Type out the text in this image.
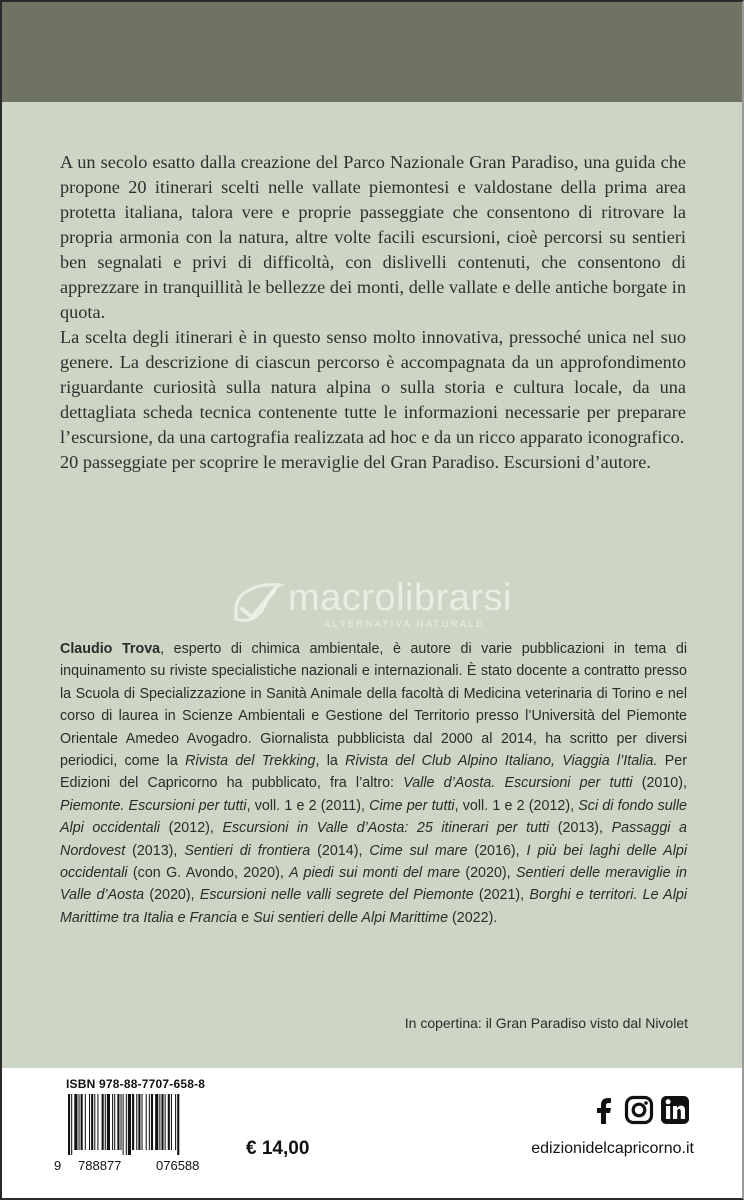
A un secolo esatto dalla creazione del Parco Nazionale Gran Paradiso, una guida che propone 20 itinerari scelti nelle vallate piemontesi e valdostane della prima area protetta italiana, talora vere e proprie passeggiate che consentono di ritrovare la propria armonia con la natura, altre volte facili escursioni, cioè percorsi su sentieri ben segnalati e privi di difficoltà, con dislivelli contenuti, che consentono di apprezzare in tranquillità le bellezze dei monti, delle vallate e delle antiche borgate in quota.

La scelta degli itinerari è in questo senso molto innovativa, pressoché unica nel suo genere. La descrizione di ciascun percorso è accompagnata da un approfondimento riguardante curiosità sulla natura alpina o sulla storia e cultura locale, da una dettagliata scheda tecnica contenente tutte le informazioni necessarie per preparare l’escursione, da una cartografia realizzata ad hoc e da un ricco apparato iconografico.

20 passeggiate per scoprire le meraviglie del Gran Paradiso. Escursioni d’autore.

macrolibrarsi
ALTERNATIVA NATURALE

Claudio Trova, esperto di chimica ambientale, è autore di varie pubblicazioni in tema di inquinamento su riviste specialistiche nazionali e internazionali. È stato docente a contratto presso la Scuola di Specializzazione in Sanità Animale della facoltà di Medicina veterinaria di Torino e nel corso di laurea in Scienze Ambientali e Gestione del Territorio presso l’Università del Piemonte Orientale Amedeo Avogadro. Giornalista pubblicista dal 2000 al 2014, ha scritto per diversi periodici, come la Rivista del Trekking, la Rivista del Club Alpino Italiano, Viaggia l’Italia. Per Edizioni del Capricorno ha pubblicato, fra l’altro: Valle d’Aosta. Escursioni per tutti (2010), Piemonte. Escursioni per tutti, voll. 1 e 2 (2011), Cime per tutti, voll. 1 e 2 (2012), Sci di fondo sulle Alpi occidentali (2012), Escursioni in Valle d’Aosta: 25 itinerari per tutti (2013), Passaggi a Nordovest (2013), Sentieri di frontiera (2014), Cime sul mare (2016), I più bei laghi delle Alpi occidentali (con G. Avondo, 2020), A piedi sui monti del mare (2020), Sentieri delle meraviglie in Valle d’Aosta (2020), Escursioni nelle valli segrete del Piemonte (2021), Borghi e territori. Le Alpi Marittime tra Italia e Francia e Sui sentieri delle Alpi Marittime (2022).

In copertina: il Gran Paradiso visto dal Nivolet
ISBN 978-88-7707-658-8
9 788877	076588
€ 14,00	edizionidelcapricorno.it
